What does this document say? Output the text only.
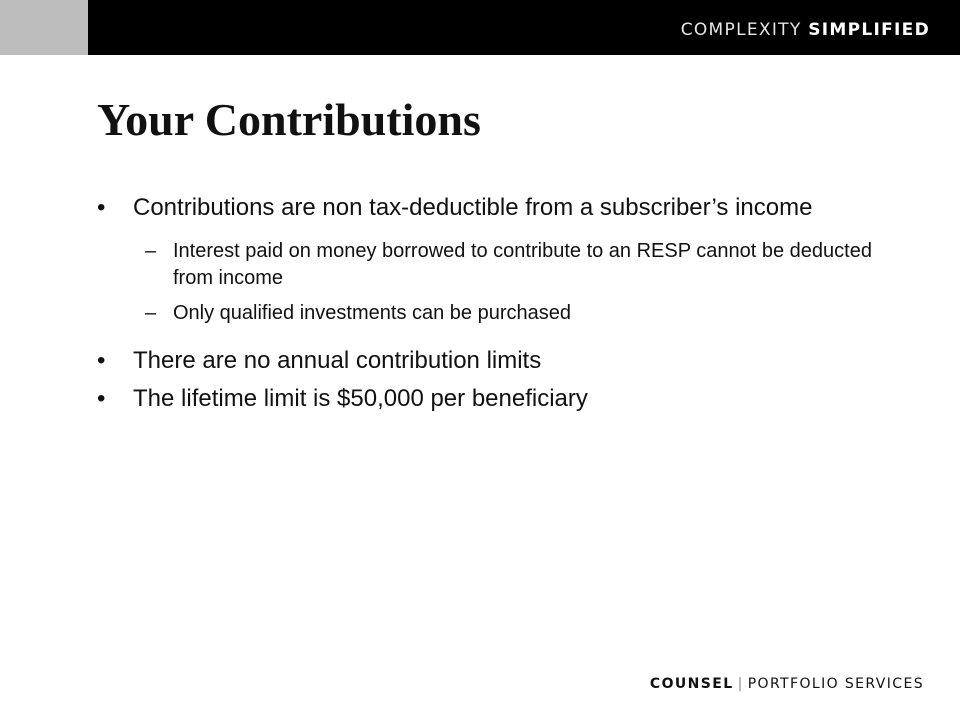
COMPLEXITY SIMPLIFIED
Your Contributions
• Contributions are non tax-deductible from a subscriber’s income
– Interest paid on money borrowed to contribute to an RESP cannot be deducted from income
– Only qualified investments can be purchased
• There are no annual contribution limits
• The lifetime limit is $50,000 per beneficiary
COUNSEL | PORTFOLIO SERVICES
